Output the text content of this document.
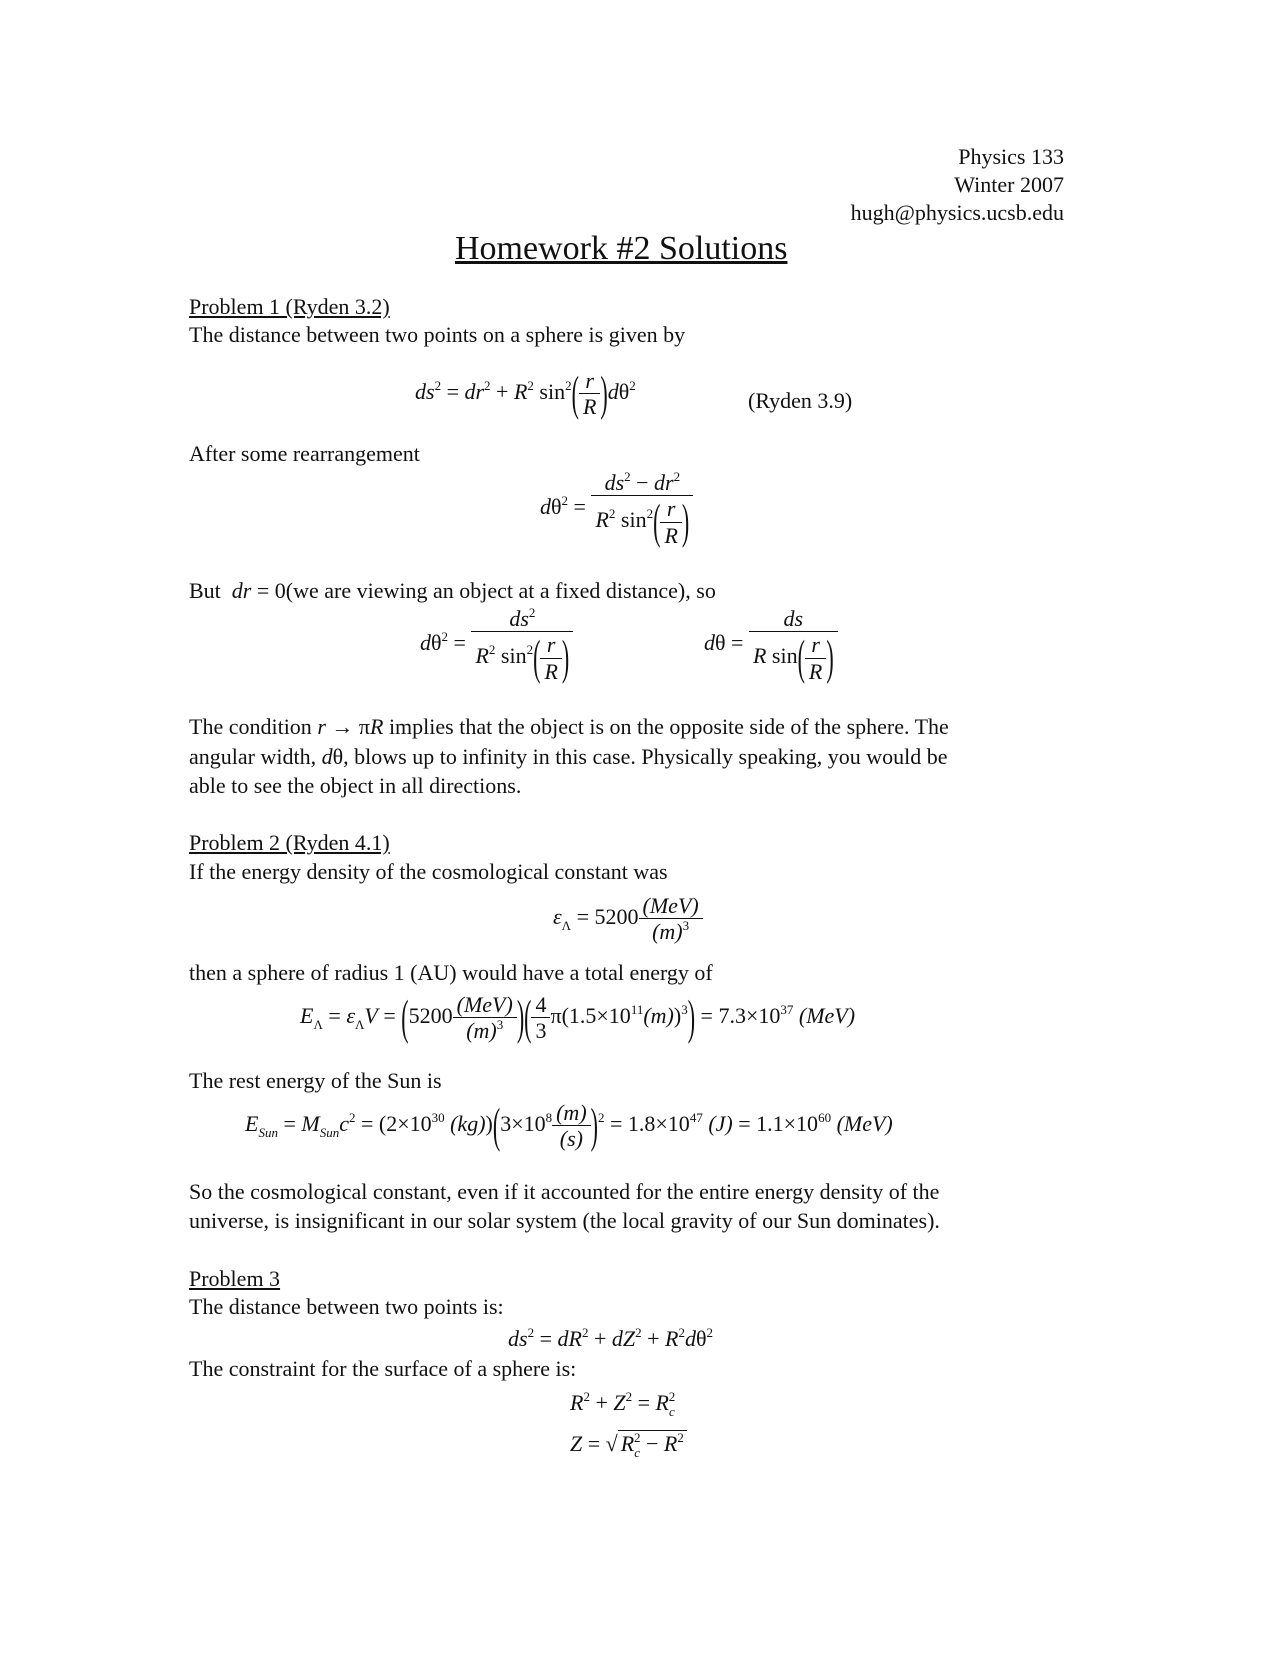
Physics 133
Winter 2007
hugh@physics.ucsb.edu
Homework #2 Solutions
Problem 1 (Ryden 3.2)
The distance between two points on a sphere is given by
$ds^2 = dr^2 + R^2$ $\sin^2( \frac{r}{R} )d\theta^2$
(Ryden 3.9)
After some rearrangement
$d\theta^2 = \frac{ds^2 - dr^2}{R^2 \sin^2( \frac{r}{R} )}$
But dr = 0(we are viewing an object at a fixed distance), so
$d\theta^2 = \frac{ds^2}{R^2 \sin^2( \frac{r}{R} )}$	$d\theta = \frac{ds}{R \sin( \frac{r}{R} )}$
The condition r → πR implies that the object is on the opposite side of the sphere. The
angular width, dθ, blows up to infinity in this case. Physically speaking, you would be
able to see the object in all directions.
Problem 2 (Ryden 4.1)
If the energy density of the cosmological constant was
$\varepsilon_\Lambda = 5200 \frac{\text{(MeV)}}{(m)^3}$
then a sphere of radius 1 (AU) would have a total energy of
$E_\Lambda = \varepsilon_\Lambda V = (5200 \frac{\text{(MeV)}}{(m)^3}$ )( $\frac{4}{3} \pi(1.5\times 10^{11}(m))^3) = 7.3\times 10^{37}$ (MeV)
The rest energy of the Sun is
$E_{Sun} = M_{Sun}c^2 = (2\times 10^{30}$ $(kg))(3\times 10^8 \frac{(m)}{(s)} )^2 = 1.8\times 10^{47}$ $(J) = 1.1\times 10^{60}$ (MeV)
So the cosmological constant, even if it accounted for the entire energy density of the
universe, is insignificant in our solar system (the local gravity of our Sun dominates).
Problem 3
The distance between two points is:
$ds^2 = dR^2 + dZ^2 + R^2d\theta^2$
The constraint for the surface of a sphere is:
$R^2 + Z^2 = R_c^2$
Z = √ $R_c^2 - R^2$
